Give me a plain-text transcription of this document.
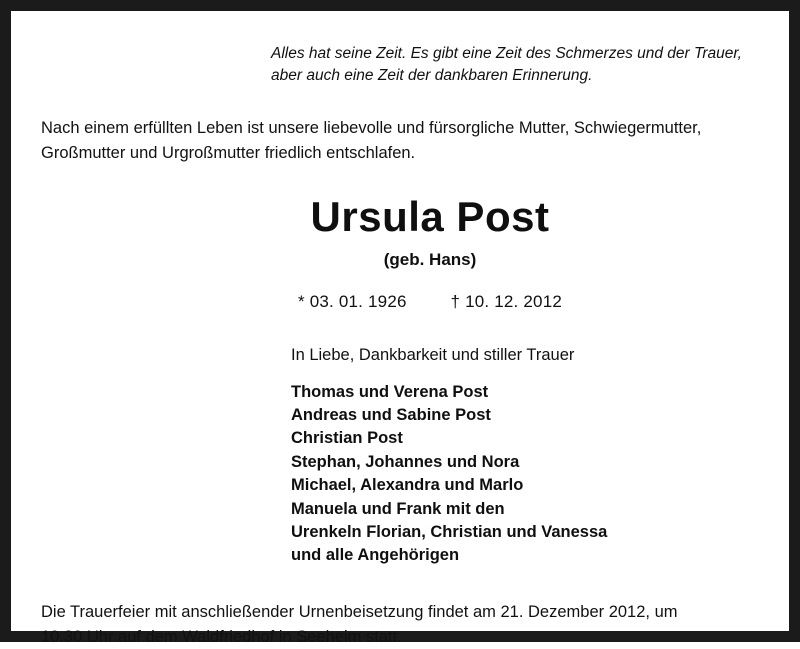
Alles hat seine Zeit. Es gibt eine Zeit des Schmerzes und der Trauer,
aber auch eine Zeit der dankbaren Erinnerung.
Nach einem erfüllten Leben ist unsere liebevolle und fürsorgliche Mutter, Schwiegermutter,
Großmutter und Urgroßmutter friedlich entschlafen.
Ursula Post
(geb. Hans)
* 03. 01. 1926	† 10. 12. 2012
In Liebe, Dankbarkeit und stiller Trauer
Thomas und Verena Post
Andreas und Sabine Post
Christian Post
Stephan, Johannes und Nora
Michael, Alexandra und Marlo
Manuela und Frank mit den
Urenkeln Florian, Christian und Vanessa
und alle Angehörigen
Die Trauerfeier mit anschließender Urnenbeisetzung findet am 21. Dezember 2012, um
10.30 Uhr auf dem Waldfriedhof in Seeheim statt.
